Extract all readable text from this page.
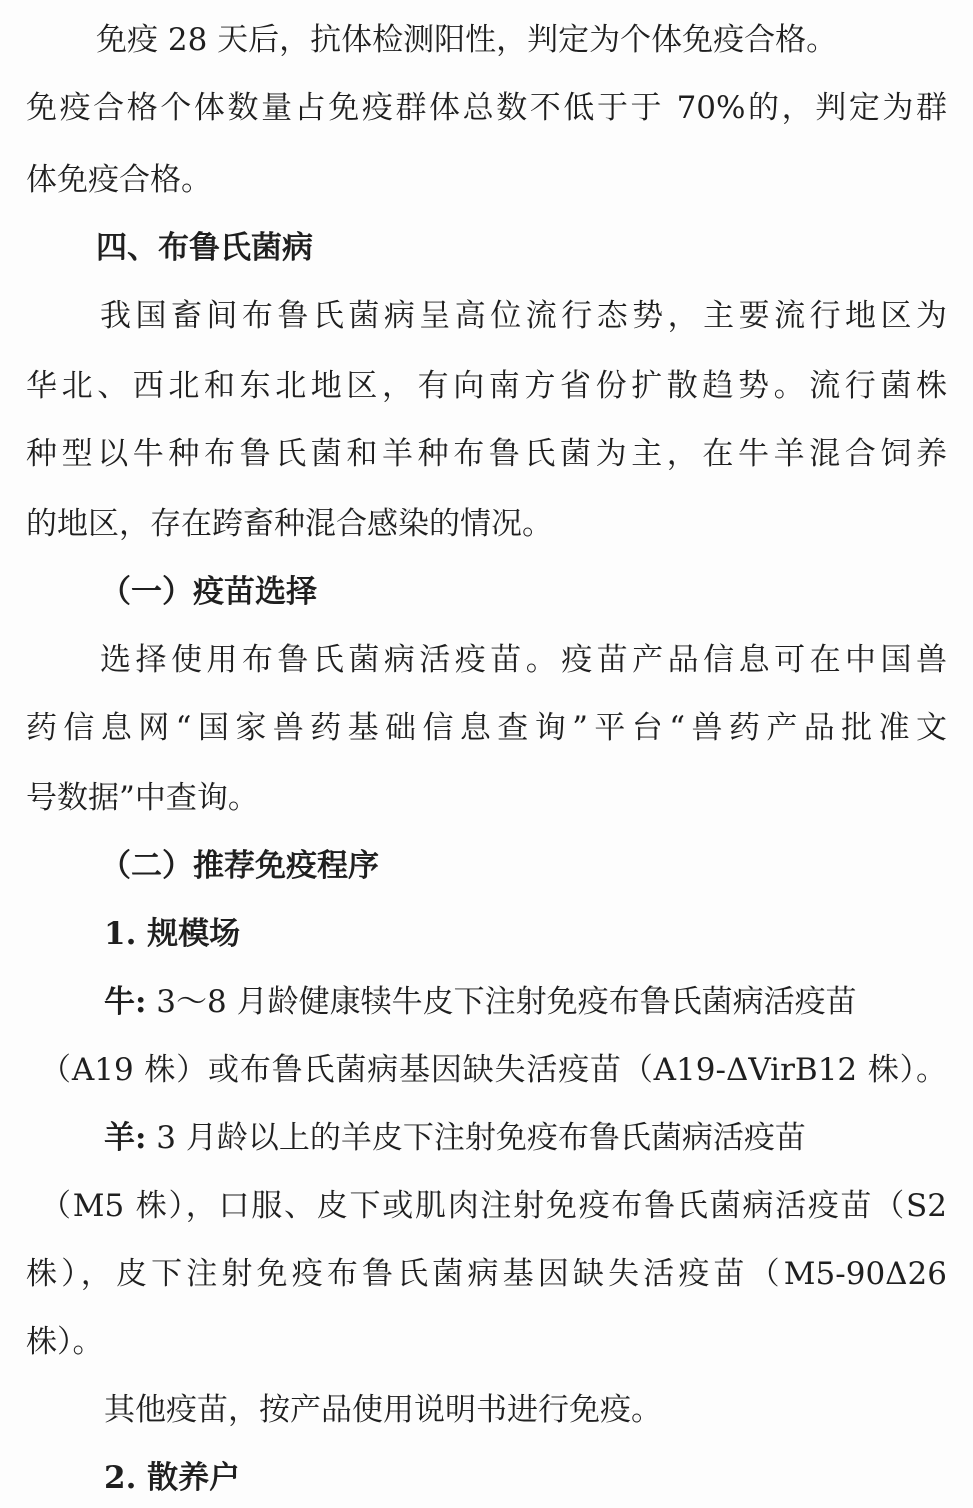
免疫 28 天后，抗体检测阳性，判定为个体免疫合格。
免疫合格个体数量占免疫群体总数不低于于 70%的，判定为群
体免疫合格。
四、布鲁氏菌病
我国畜间布鲁氏菌病呈高位流行态势，主要流行地区为
华北、西北和东北地区，有向南方省份扩散趋势。流行菌株
种型以牛种布鲁氏菌和羊种布鲁氏菌为主，在牛羊混合饲养
的地区，存在跨畜种混合感染的情况。
（一）疫苗选择
选择使用布鲁氏菌病活疫苗。疫苗产品信息可在中国兽
药信息网“国家兽药基础信息查询”平台“兽药产品批准文
号数据”中查询。
（二）推荐免疫程序
1. 规模场
牛: 3～8 月龄健康犊牛皮下注射免疫布鲁氏菌病活疫苗
（A19 株）或布鲁氏菌病基因缺失活疫苗（A19-ΔVirB12 株）。
羊: 3 月龄以上的羊皮下注射免疫布鲁氏菌病活疫苗
（M5 株），口服、皮下或肌肉注射免疫布鲁氏菌病活疫苗（S2
株），皮下注射免疫布鲁氏菌病基因缺失活疫苗（M5-90Δ26
株）。
其他疫苗，按产品使用说明书进行免疫。
2. 散养户
